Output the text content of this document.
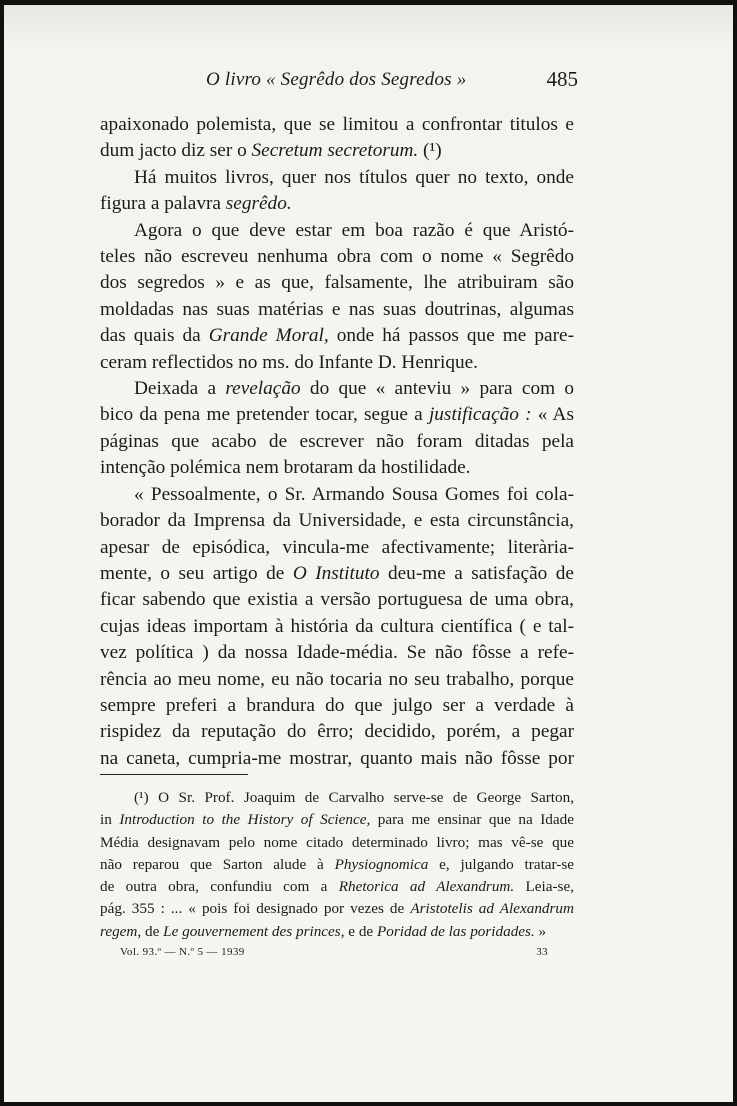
O livro « Segrêdo dos Segredos »	485

apaixonado polemista, que se limitou a confrontar titulos e

dum jacto diz ser o Secretum secretorum. (¹)

Há muitos livros, quer nos títulos quer no texto, onde

figura a palavra segrêdo.

Agora o que deve estar em boa razão é que Aristó-

teles não escreveu nenhuma obra com o nome « Segrêdo

dos segredos » e as que, falsamente, lhe atribuiram são

moldadas nas suas matérias e nas suas doutrinas, algumas

das quais da Grande Moral, onde há passos que me pare-

ceram reflectidos no ms. do Infante D. Henrique.

Deixada a revelação do que « anteviu » para com o

bico da pena me pretender tocar, segue a justificação : « As

páginas que acabo de escrever não foram ditadas pela

intenção polémica nem brotaram da hostilidade.

« Pessoalmente, o Sr. Armando Sousa Gomes foi cola-

borador da Imprensa da Universidade, e esta circunstância,

apesar de episódica, vincula-me afectivamente; literària-

mente, o seu artigo de O Instituto deu-me a satisfação de

ficar sabendo que existia a versão portuguesa de uma obra,

cujas ideas importam à história da cultura científica ( e tal-

vez política ) da nossa Idade-média. Se não fôsse a refe-

rência ao meu nome, eu não tocaria no seu trabalho, porque

sempre preferi a brandura do que julgo ser a verdade à

rispidez da reputação do êrro; decidido, porém, a pegar

na caneta, cumpria-me mostrar, quanto mais não fôsse por

(¹) O Sr. Prof. Joaquim de Carvalho serve-se de George Sarton,

in Introduction to the History of Science, para me ensinar que na Idade

Média designavam pelo nome citado determinado livro; mas vê-se que

não reparou que Sarton alude à Physiognomica e, julgando tratar-se

de outra obra, confundiu com a Rhetorica ad Alexandrum. Leia-se,

pág. 355 : ... « pois foi designado por vezes de Aristotelis ad Alexandrum

regem, de Le gouvernement des princes, e de Poridad de las poridades. »

Vol. 93.º — N.º 5 — 1939	33
